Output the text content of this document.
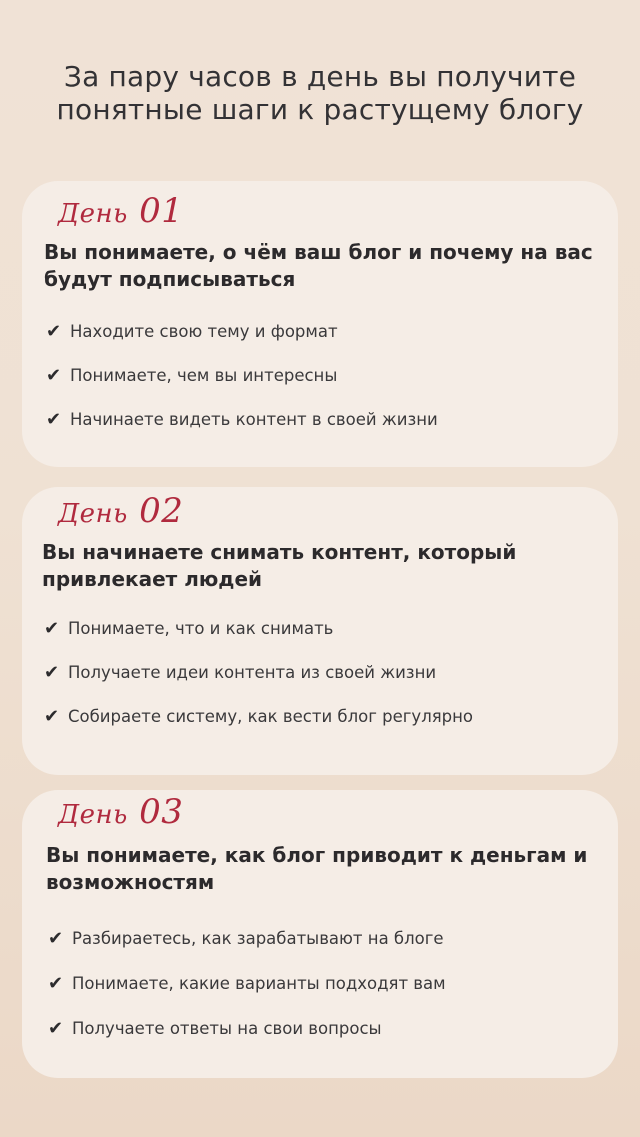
За пару часов в день вы получите
понятные шаги к растущему блогу
День 01
Вы понимаете, о чём ваш блог и почему на вас будут подписываться
✔ Находите свою тему и формат
✔ Понимаете, чем вы интересны
✔ Начинаете видеть контент в своей жизни
День 02
Вы начинаете снимать контент, который привлекает людей
✔ Понимаете, что и как снимать
✔ Получаете идеи контента из своей жизни
✔ Собираете систему, как вести блог регулярно
День 03
Вы понимаете, как блог приводит к деньгам и возможностям
✔ Разбираетесь, как зарабатывают на блоге
✔ Понимаете, какие варианты подходят вам
✔ Получаете ответы на свои вопросы
